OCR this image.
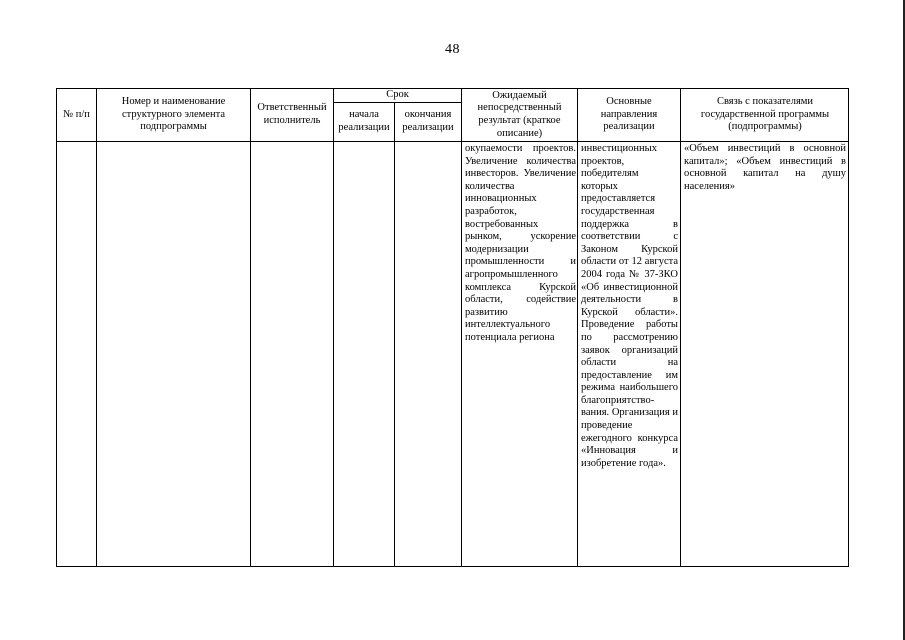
48
№ п/п
Номер и наименование структурного элемента подпрограммы
Ответственный исполнитель
Срок
начала реализации
окончания реализации
Ожидаемый непосредственный результат (краткое описание)
Основные направления реализации
Связь с показателями государственной программы (подпрограммы)
окупаемости проектов. Увеличение количества инвесторов. Увеличение количества инновационных разработок, востребованных рынком, ускорение модернизации промышленности и агропромышленного комплекса Курской области, содействие развитию интеллектуального потенциала региона
инвестиционных проектов, победителям которых предоставляется государственная поддержка в соответствии с Законом Курской области от 12 августа 2004 года № 37-ЗКО «Об инвестиционной деятельности в Курской области». Проведение работы по рассмотрению заявок организаций области на предоставление им режима наибольшего благоприятство-вания. Организация и проведение ежегодного конкурса «Инновация и изобретение года».
«Объем инвестиций в основной капитал»; «Объем инвестиций в основной капитал на душу населения»
